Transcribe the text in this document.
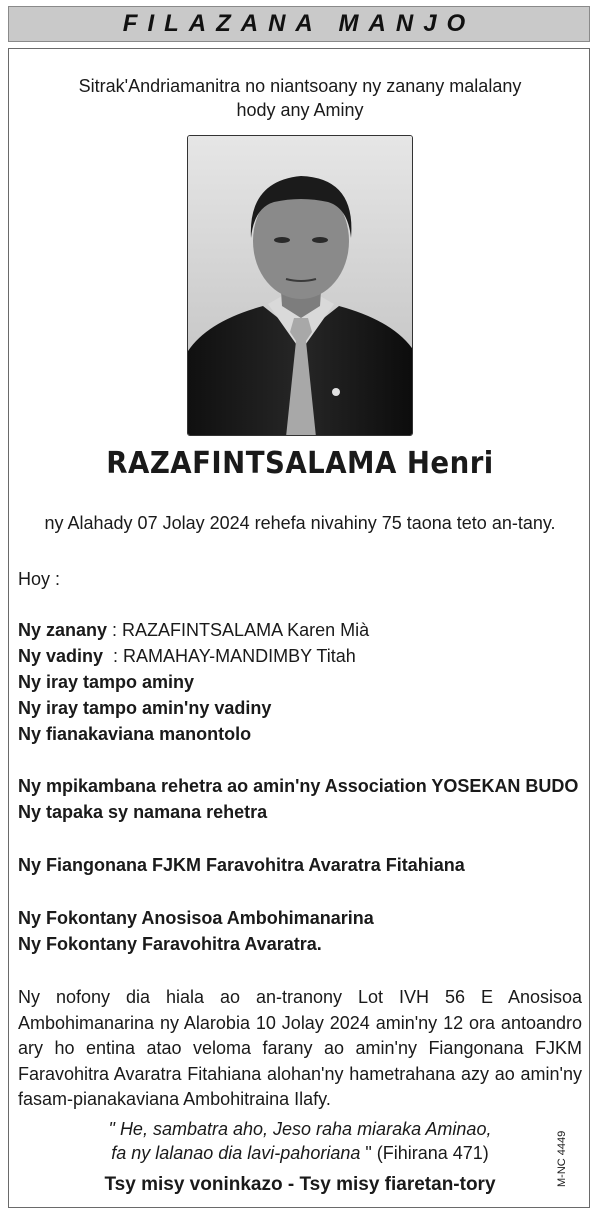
FILAZANA MANJO
Sitrak'Andriamanitra no niantsoany ny zanany malalany
hody any Aminy
RAZAFINTSALAMA Henri
ny Alahady 07 Jolay 2024 rehefa nivahiny 75 taona teto an-tany.
Hoy :
Ny zanany : RAZAFINTSALAMA Karen Mià
Ny vadiny  : RAMAHAY-MANDIMBY Titah
Ny iray tampo aminy
Ny iray tampo amin'ny vadiny
Ny fianakaviana manontolo
Ny mpikambana rehetra ao amin'ny Association YOSEKAN BUDO
Ny tapaka sy namana rehetra
Ny Fiangonana FJKM Faravohitra Avaratra Fitahiana
Ny Fokontany Anosisoa Ambohimanarina
Ny Fokontany Faravohitra Avaratra.
Ny nofony dia hiala ao an-tranony Lot IVH 56 E Anosisoa Ambohimanarina ny Alarobia 10 Jolay 2024 amin'ny 12 ora antoandro ary ho entina atao veloma farany ao amin'ny Fiangonana FJKM Faravohitra Avaratra Fitahiana alohan'ny hametrahana azy ao amin'ny fasam-pianakaviana Ambohitraina Ilafy.
" He, sambatra aho, Jeso raha miaraka Aminao,
fa ny lalanao dia lavi-pahoriana " (Fihirana 471)
Tsy misy voninkazo - Tsy misy fiaretan-tory	M-NC 4449
